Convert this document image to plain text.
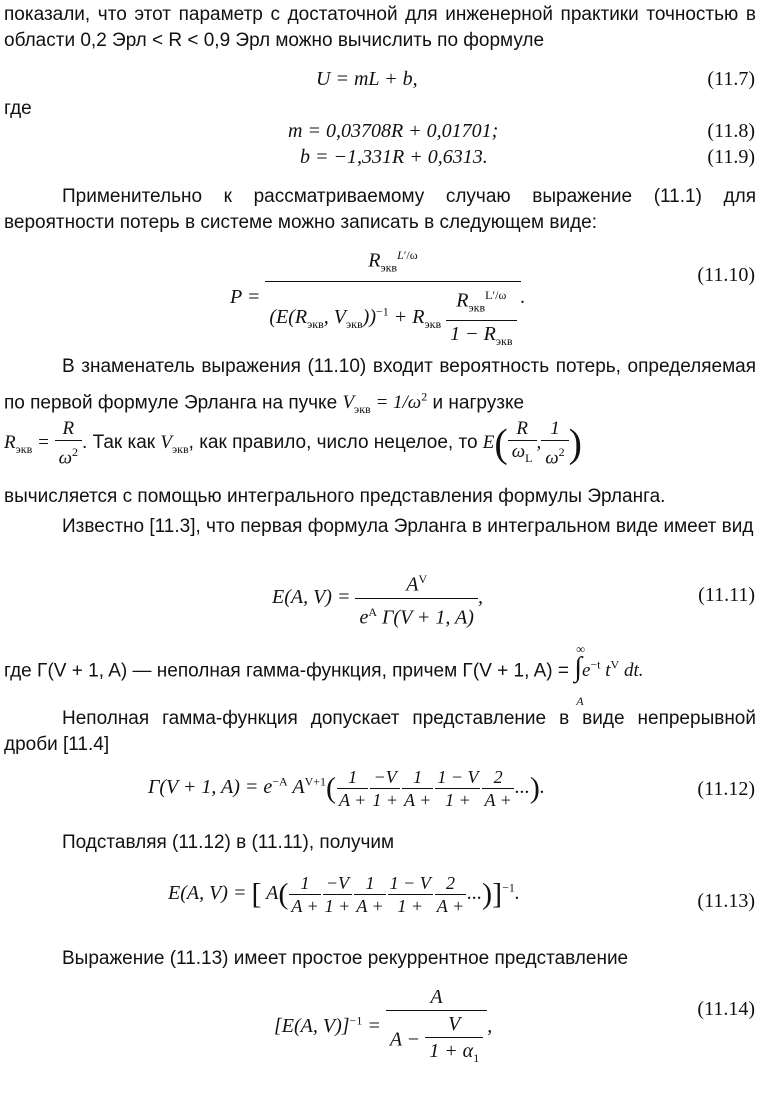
показали, что этот параметр с достаточной для инженерной практики точностью в области 0,2 Эрл < R < 0,9 Эрл можно вычислить по формуле
U = mL + b,	(11.7)
где
m = 0,03708R + 0,01701;	(11.8)
b = −1,331R + 0,6313.	(11.9)
Применительно к рассматриваемому случаю выражение (11.1) для вероятности потерь в системе можно записать в следующем виде:
$P = \frac{R_{экв}^{L'/\omega}}{(E(R_{экв}, V_{экв}))^{-1} + R_{экв} \frac{R_{экв}^{L'/\omega}}{1 - R_{экв}}}$ .
(11.10)
В знаменатель выражения (11.10) входит вероятность потерь, определяемая по первой формуле Эрланга на пучке $V_{экв} = 1/\omega^2$ и нагрузке
$R_{экв} = \frac{R}{\omega^2}$ . Так как $V_{экв}$, как правило, число нецелое, то $E( \frac{R}{\omega_L}$ , $\frac{1}{\omega^2}$ )
вычисляется с помощью интегрального представления формулы Эрланга.
Известно [11.3], что первая формула Эрланга в интегральном виде имеет вид
E(A, $V) = \frac{A^V}{e^A \Gamma(V + 1, A)}$ ,	(11.11)
где Γ(V + 1, A) — неполная гамма-функция, причем Γ(V + 1, A) =
∞
∫
A
$e^{-t}$ $t^V$ dt.
Неполная гамма-функция допускает представление в виде непрерывной дроби [11.4]
Γ(V + 1, $A) = e^{-A}$ $A^{V+1}( \frac{1}{A +} \frac{-V}{1 +} \frac{1}{A +} \frac{1 - V}{1 +} \frac{2}{A +}$ ...).	(11.12)
Подставляя (11.12) в (11.11), получим
E(A, V) = [ $A( \frac{1}{A +} \frac{-V}{1 +} \frac{1}{A +} \frac{1 - V}{1 +} \frac{2}{A +} ...)]^{-1}$.	(11.13)
Выражение (11.13) имеет простое рекуррентное представление
[E(A, $V)]^{-1} = \frac{A}{A - \frac{V}{1 + \alpha_1}}$ ,
(11.14)
